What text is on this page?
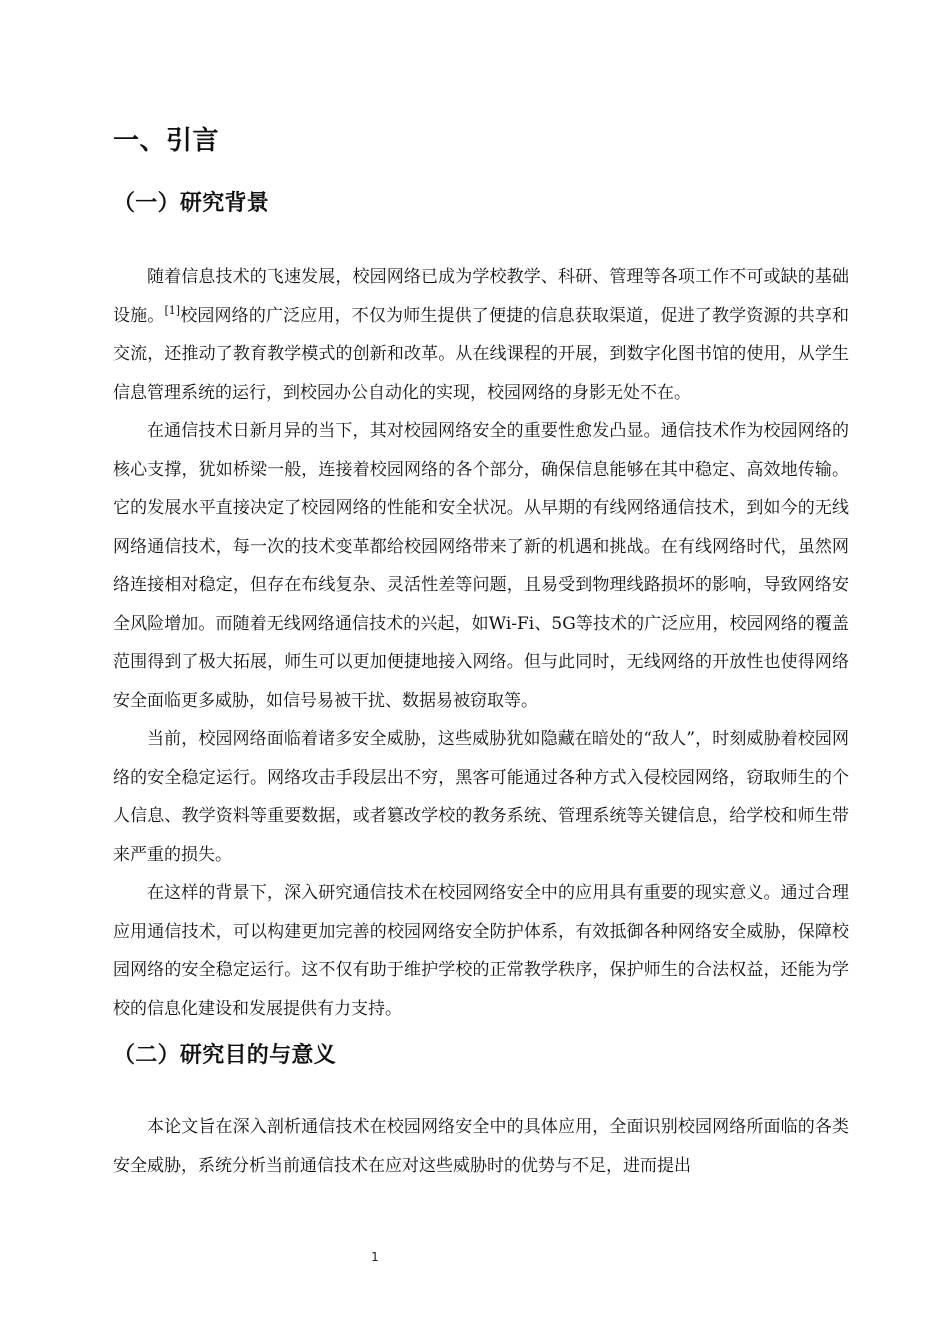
一、引言
（一）研究背景

随着信息技术的飞速发展，校园网络已成为学校教学、科研、管理等各项工作不可或缺的基础设施。[1]校园网络的广泛应用，不仅为师生提供了便捷的信息获取渠道，促进了教学资源的共享和交流，还推动了教育教学模式的创新和改革。从在线课程的开展，到数字化图书馆的使用，从学生信息管理系统的运行，到校园办公自动化的实现，校园网络的身影无处不在。

在通信技术日新月异的当下，其对校园网络安全的重要性愈发凸显。通信技术作为校园网络的核心支撑，犹如桥梁一般，连接着校园网络的各个部分，确保信息能够在其中稳定、高效地传输。它的发展水平直接决定了校园网络的性能和安全状况。从早期的有线网络通信技术，到如今的无线网络通信技术，每一次的技术变革都给校园网络带来了新的机遇和挑战。在有线网络时代，虽然网络连接相对稳定，但存在布线复杂、灵活性差等问题，且易受到物理线路损坏的影响，导致网络安全风险增加。而随着无线网络通信技术的兴起，如Wi-Fi、5G等技术的广泛应用，校园网络的覆盖范围得到了极大拓展，师生可以更加便捷地接入网络。但与此同时，无线网络的开放性也使得网络安全面临更多威胁，如信号易被干扰、数据易被窃取等。

当前，校园网络面临着诸多安全威胁，这些威胁犹如隐藏在暗处的“敌人”，时刻威胁着校园网络的安全稳定运行。网络攻击手段层出不穷，黑客可能通过各种方式入侵校园网络，窃取师生的个人信息、教学资料等重要数据，或者篡改学校的教务系统、管理系统等关键信息，给学校和师生带来严重的损失。

在这样的背景下，深入研究通信技术在校园网络安全中的应用具有重要的现实意义。通过合理应用通信技术，可以构建更加完善的校园网络安全防护体系，有效抵御各种网络安全威胁，保障校园网络的安全稳定运行。这不仅有助于维护学校的正常教学秩序，保护师生的合法权益，还能为学校的信息化建设和发展提供有力支持。

（二）研究目的与意义

本论文旨在深入剖析通信技术在校园网络安全中的具体应用，全面识别校园网络所面临的各类安全威胁，系统分析当前通信技术在应对这些威胁时的优势与不足，进而提出

1
